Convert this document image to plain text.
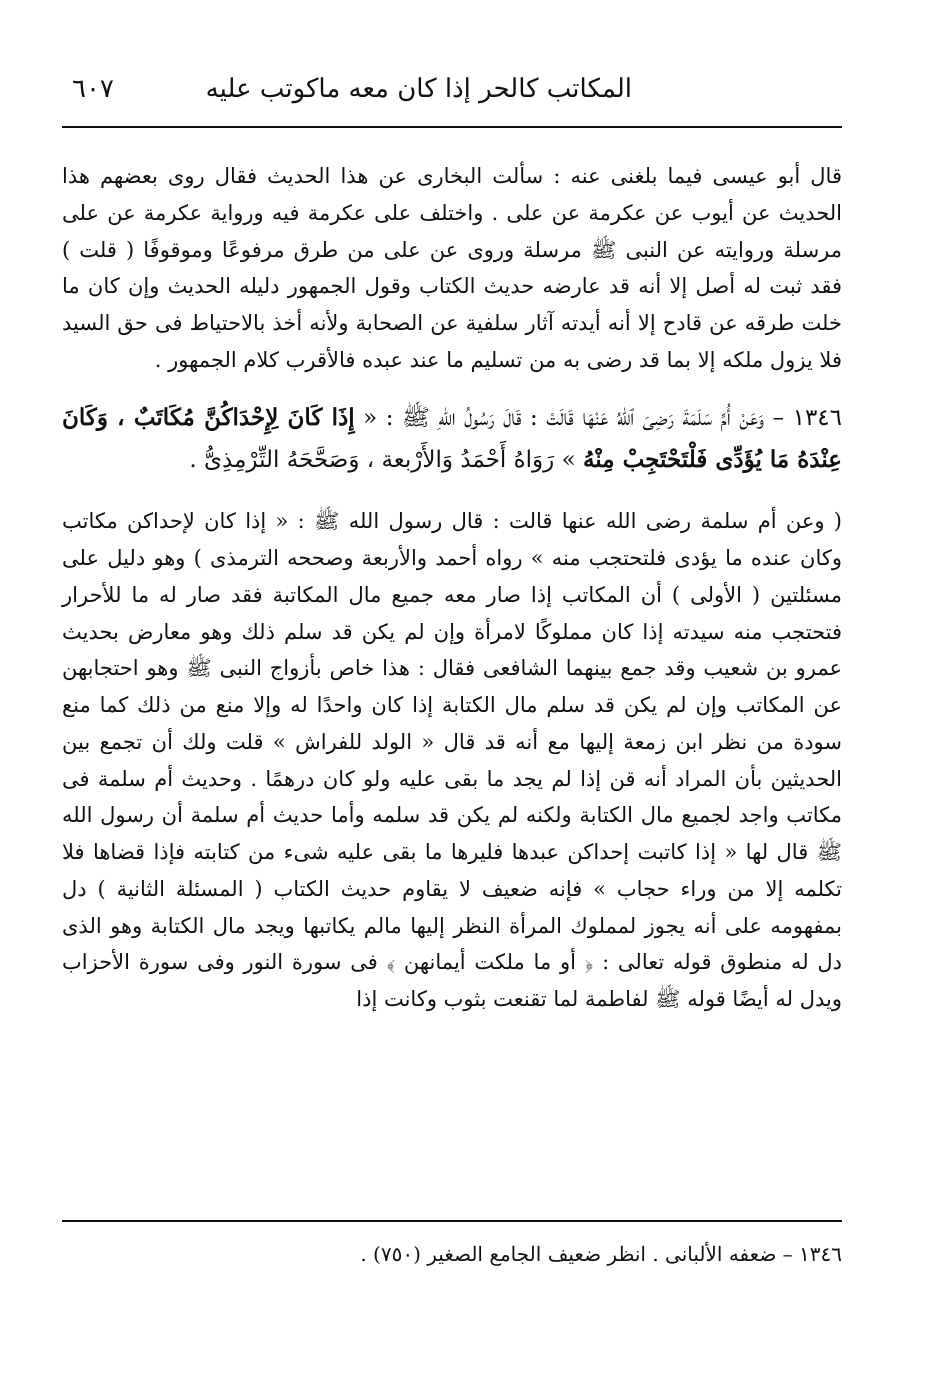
المكاتب كالحر إذا كان معه ماكوتب عليه
٦٠٧

قال أبو عيسى فيما بلغنى عنه : سألت البخارى عن هذا الحديث فقال روى بعضهم هذا الحديث عن أيوب عن عكرمة عن على . واختلف على عكرمة فيه ورواية عكرمة عن على مرسلة وروايته عن النبى ﷺ مرسلة وروى عن على من طرق مرفوعًا وموقوفًا ( قلت ) فقد ثبت له أصل إلا أنه قد عارضه حديث الكتاب وقول الجمهور دليله الحديث وإن كان ما خلت طرقه عن قادح إلا أنه أيدته آثار سلفية عن الصحابة ولأنه أخذ بالاحتياط فى حق السيد فلا يزول ملكه إلا بما قد رضى به من تسليم ما عند عبده فالأقرب كلام الجمهور .

١٣٤٦ – وَعَنْ أُمِّ سَلَمَةَ رَضِىَ ٱللهُ عَنْهَا قَالَتْ : قَالَ رَسُولُ اللهِ ﷺ : « إِذَا كَانَ لِإِحْدَاكُنَّ مُكَاتَبٌ ، وَكَانَ عِنْدَهُ مَا يُؤَدِّى فَلْتَحْتَجِبْ مِنْهُ » رَوَاهُ أَحْمَدُ وَالأَرْبعة ، وَصَحَّحَهُ التِّرْمِذِىُّ .

( وعن أم سلمة رضى الله عنها قالت : قال رسول الله ﷺ : « إذا كان لإحداكن مكاتب وكان عنده ما يؤدى فلتحتجب منه » رواه أحمد والأربعة وصححه الترمذى ) وهو دليل على مسئلتين ( الأولى ) أن المكاتب إذا صار معه جميع مال المكاتبة فقد صار له ما للأحرار فتحتجب منه سيدته إذا كان مملوكًا لامرأة وإن لم يكن قد سلم ذلك وهو معارض بحديث عمرو بن شعيب وقد جمع بينهما الشافعى فقال : هذا خاص بأزواج النبى ﷺ وهو احتجابهن عن المكاتب وإن لم يكن قد سلم مال الكتابة إذا كان واحدًا له وإلا منع من ذلك كما منع سودة من نظر ابن زمعة إليها مع أنه قد قال « الولد للفراش » قلت ولك أن تجمع بين الحديثين بأن المراد أنه قن إذا لم يجد ما بقى عليه ولو كان درهمًا . وحديث أم سلمة فى مكاتب واجد لجميع مال الكتابة ولكنه لم يكن قد سلمه وأما حديث أم سلمة أن رسول الله ﷺ قال لها « إذا كاتبت إحداكن عبدها فليرها ما بقى عليه شىء من كتابته فإذا قضاها فلا تكلمه إلا من وراء حجاب » فإنه ضعيف لا يقاوم حديث الكتاب ( المسئلة الثانية ) دل بمفهومه على أنه يجوز لمملوك المرأة النظر إليها مالم يكاتبها ويجد مال الكتابة وهو الذى دل له منطوق قوله تعالى : ﴿ أو ما ملكت أيمانهن ﴾ فى سورة النور وفى سورة الأحزاب ويدل له أيضًا قوله ﷺ لفاطمة لما تقنعت بثوب وكانت إذا

١٣٤٦ – ضعفه الألبانى . انظر ضعيف الجامع الصغير (٧٥٠) .
